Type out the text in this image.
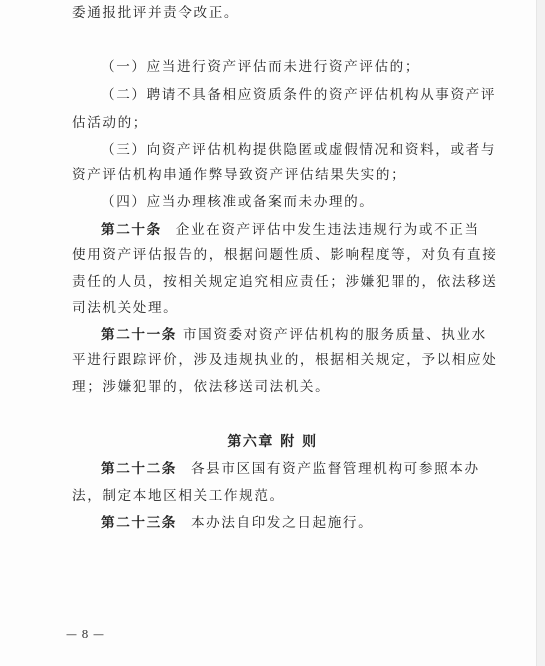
委通报批评并责令改正。
（一）应当进行资产评估而未进行资产评估的；
（二）聘请不具备相应资质条件的资产评估机构从事资产评
估活动的；
（三）向资产评估机构提供隐匿或虚假情况和资料，或者与
资产评估机构串通作弊导致资产评估结果失实的；
（四）应当办理核准或备案而未办理的。
第二十条 企业在资产评估中发生违法违规行为或不正当
使用资产评估报告的，根据问题性质、影响程度等，对负有直接
责任的人员，按相关规定追究相应责任；涉嫌犯罪的，依法移送
司法机关处理。
第二十一条 市国资委对资产评估机构的服务质量、执业水
平进行跟踪评价，涉及违规执业的，根据相关规定，予以相应处
理；涉嫌犯罪的，依法移送司法机关。
第六章 附 则
第二十二条 各县市区国有资产监督管理机构可参照本办
法，制定本地区相关工作规范。
第二十三条 本办法自印发之日起施行。
— 8 —
